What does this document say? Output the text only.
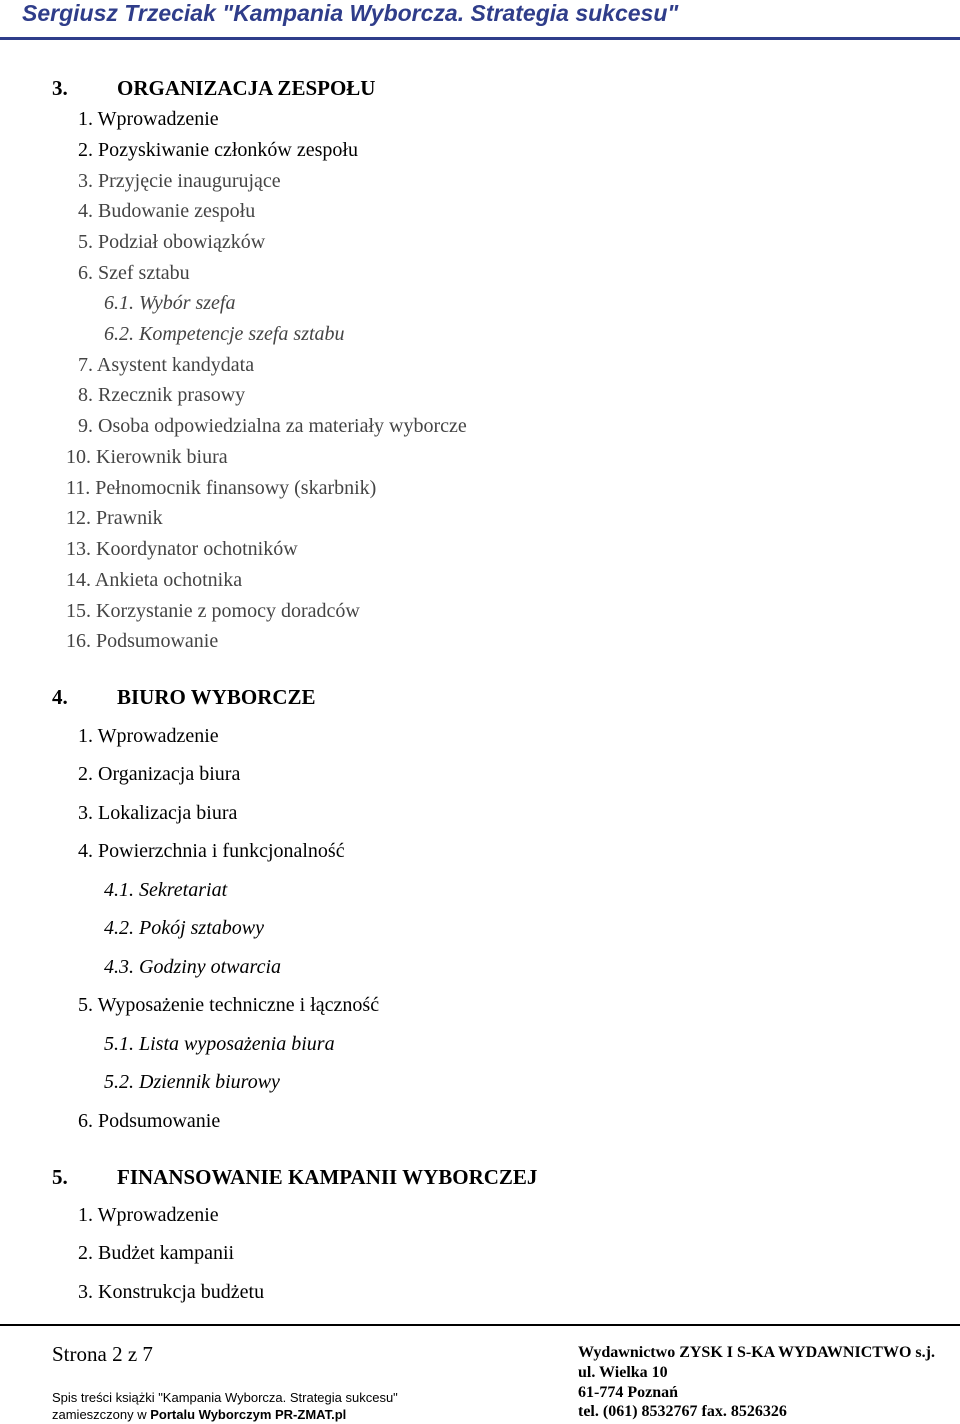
Sergiusz Trzeciak "Kampania Wyborcza. Strategia sukcesu"
3. ORGANIZACJA ZESPOŁU
1. Wprowadzenie
2. Pozyskiwanie członków zespołu
3. Przyjęcie inaugurujące
4. Budowanie zespołu
5. Podział obowiązków
6. Szef sztabu
6.1. Wybór szefa
6.2. Kompetencje szefa sztabu
7. Asystent kandydata
8. Rzecznik prasowy
9. Osoba odpowiedzialna za materiały wyborcze
10. Kierownik biura
11. Pełnomocnik finansowy (skarbnik)
12. Prawnik
13. Koordynator ochotników
14. Ankieta ochotnika
15. Korzystanie z pomocy doradców
16. Podsumowanie
4. BIURO WYBORCZE
1. Wprowadzenie
2. Organizacja biura
3. Lokalizacja biura
4. Powierzchnia i funkcjonalność
4.1. Sekretariat
4.2. Pokój sztabowy
4.3. Godziny otwarcia
5. Wyposażenie techniczne i łączność
5.1. Lista wyposażenia biura
5.2. Dziennik biurowy
6. Podsumowanie
5. FINANSOWANIE KAMPANII WYBORCZEJ
1. Wprowadzenie
2. Budżet kampanii
3. Konstrukcja budżetu
Strona 2 z 7
Spis treści książki "Kampania Wyborcza. Strategia sukcesu"
zamieszczony w Portalu Wyborczym PR-ZMAT.pl
Wydawnictwo ZYSK I S-KA WYDAWNICTWO s.j.
ul. Wielka 10
61-774 Poznań
tel. (061) 8532767 fax. 8526326
